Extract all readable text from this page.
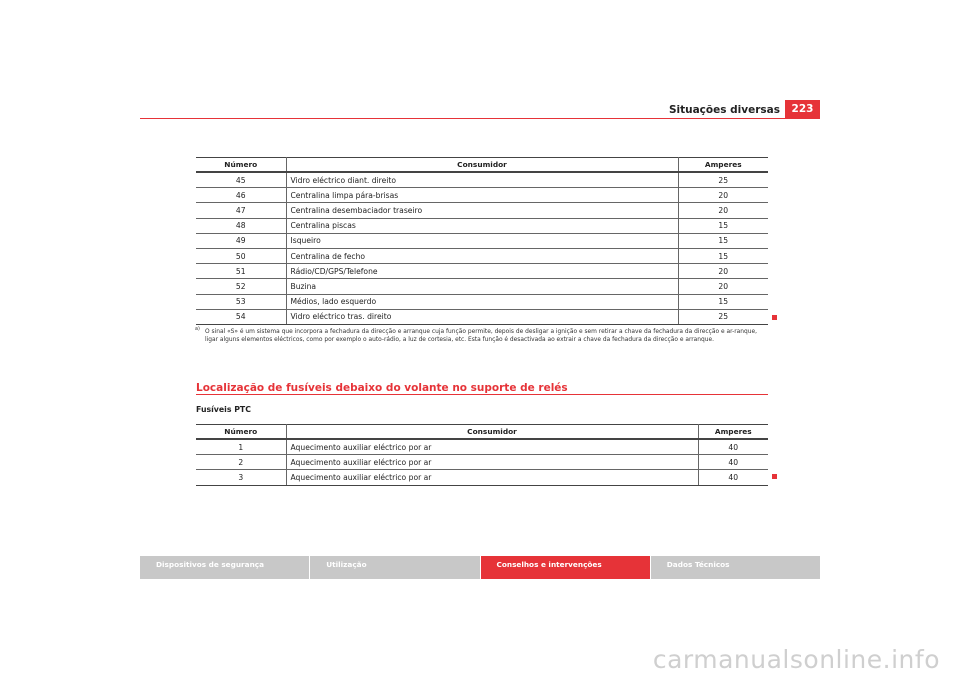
Situações diversas	223
Número	Consumidor	Amperes
45	Vidro eléctrico diant. direito	25
46	Centralina limpa pára-brisas	20
47	Centralina desembaciador traseiro	20
48	Centralina piscas	15
49	Isqueiro	15
50	Centralina de fecho	15
51	Rádio/CD/GPS/Telefone	20
52	Buzina	20
53	Médios, lado esquerdo	15
54	Vidro eléctrico tras. direito	25
a) O sinal «S» é um sistema que incorpora a fechadura da direcção e arranque cuja função permite, depois de desligar a ignição e sem retirar a chave da fechadura da direcção e ar-ranque, ligar alguns elementos eléctricos, como por exemplo o auto-rádio, a luz de cortesia, etc. Esta função é desactivada ao extrair a chave da fechadura da direcção e arranque.
Localização de fusíveis debaixo do volante no suporte de relés
Fusíveis PTC
Número	Consumidor	Amperes
1	Aquecimento auxiliar eléctrico por ar	40
2	Aquecimento auxiliar eléctrico por ar	40
3	Aquecimento auxiliar eléctrico por ar	40
Dispositivos de segurança	Utilização	Conselhos e intervenções	Dados Técnicos
carmanualsonline.info
